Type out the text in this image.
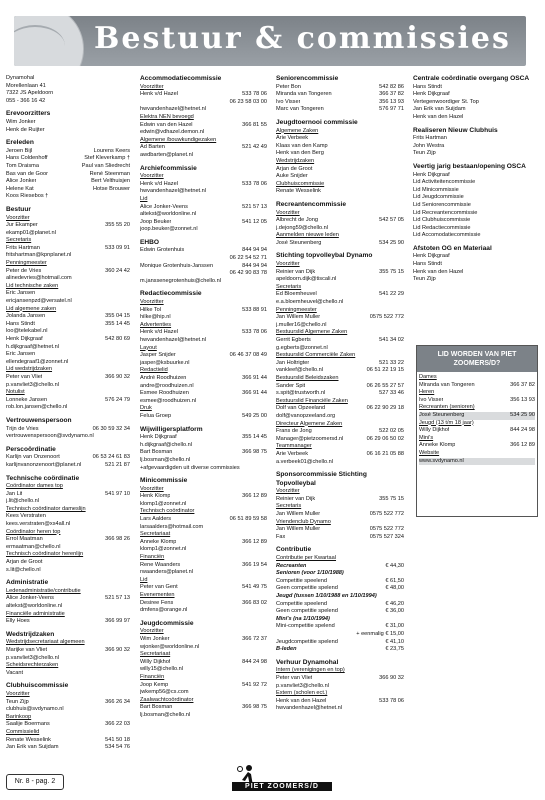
Bestuur & commissies
Dynamohal
Morellenlaan 41
7322 JS Apeldoorn
055 - 366 16 42
Erevoorzitters
Wim Jonker
Henk de Ruijter
Ereleden
Jeroen Bijl	Lourens Keers
Hans Coldenhoff	Stef Kleverkamp †
Tom Draisma	Paul van Sliedrecht
Bas van de Goor	René Steenman
Alice Jonker	Bert Velthuisjen
Helene Kat	Hotse Brouwer
Koos Riesebos †
Bestuur
Voorzitter
Jur Ekamper	355 55 20
ekamp01@planet.nl
Secretaris
Frits Hartman	533 09 91
fritshartman@kpnplanet.nl
Penningmeester
Peter de Vries	360 24 42
alinedevries@hotmail.com
Lid technische zaken
Eric Jansen
ericjansenpzd@versatel.nl
Lid algemene zaken
Jolanda Jansen	355 04 15
Hans Stindt	355 14 45
loo@telekabel.nl
Henk Dijkgraaf	542 80 69
h.dijkgraaf@hetnet.nl
Eric Jansen
ellendegraaf1@zonnet.nl
Lid wedstrijdzaken
Peter van Vliet	366 90 32
p.vanvliet3@chello.nl
Notulist
Lonneke Jansen	576 24 79
rob.lon.jansen@chello.nl
Vertrouwenspersoon
Trijn de Vries	06 30 59 32 34
vertrouwenspersoon@svdynamo.nl
Perscoördinatie
Karlijn van Onzenoort	06 53 24 61 83
karlijnvanonzenoort@planet.nl	521 21 87
Technische coördinatie
Coördinator dames top
Jan Lit	541 97 10
j.lit@chello.nl
Technisch coördinator dameslijn
Kees Verstraten
kees.verstraten@xs4all.nl
Coördinator heren top
Errol Maatman	366 98 26
ermaatman@chello.nl
Technisch coördinator herenlijn
Arjan de Groot
s.lit@chello.nl
Administratie
Ledenadministratie/contributie
Alice Jonker-Veens	521 57 13
altekst@worldonline.nl
Financiële administratie
Elly Hoes	366 99 97
Wedstrijdzaken
Wedstrijdsecretariaat algemeen
Marijke van Vliet	366 90 32
p.vanvliet3@chello.nl
Scheidsrechterzaken
Vacant
Clubhuiscommissie
Voorzitter
Teun Zijp	366 26 34
clubhuis@svdynamo.nl
Barinkoop
Saalije Boermans	366 22 03
Commissielid
Renate Wesselink	541 50 18
Jan Erik van Suijdam	534 54 76
Accommodatiecommissie
Voorzitter
Henk v/d Hazel	533 78 06
06 23 58 03 00
hwvandenhazel@hetnet.nl
Elektra NEN bevoegd
Edwin van den Hazel	366 81 55
edwin@vdhazel.demon.nl
Algemene /bouwkundigezaken
Ad Barten	521 42 49
awdbarten@planet.nl
Archiefcommissie
Voorzitter
Henk v/d Hazel	533 78 06
hwvandenhazel@hetnet.nl
Lid
Alice Jonker-Veens	521 57 13
altekst@worldonline.nl
Joop Beuker	541 12 05
joop.beuker@zonnet.nl
EHBO
Edwin Grotenhuis	844 94 94
06 22 54 52 71
Monique Grotenhuis-Janssen	844 94 94
06 42 90 83 78
m.janssenegrotenhuis@chello.nl
Redactiecommissie
Voorzitter
Hilke Tol	533 88 91
hilke@hip.nl
Advertenties
Henk v/d Hazel	533 78 06
hwvandenhazel@hetnet.nl
Layout
Jasper Snijder	06 46 37 08 49
jasper@ksbuurke.nl
Redactielid
André Roodhuizen	366 91 44
andre@roodhuizen.nl
Esmee Roodhuizen	366 91 44
esmee@roodhuizen.nl
Druk
Felua Groep	549 25 00
Wijwilligersplatform
Henk Dijkgraaf	355 14 45
h.dijkgraaf@chello.nl
Bart Bosman	366 98 75
lj.bosman@chello.nl
+afgevaardigden uit diverse commissies
Minicommissie
Voorzitter
Henk Klomp	366 12 89
klomp1@zonnet.nl
Technisch coördinator
Lars Aalders	06 51 89 59 58
larsaalders@hotmail.com
Secretariaat
Anneke Klomp	366 12 89
klomp1@zonnet.nl
Financiën
Rene Waanders	366 19 54
rwaanders@planet.nl
Lid
Peter van Gent	541 49 75
Evenementen
Desiree Fens	366 83 02
dmfens@orange.nl
Jeugdcommissie
Voorzitter
Wim Jonker	366 72 37
wjonker@worldonline.nl
Secretariaat
Willy Dijkhof	844 24 98
willy15@chello.nl
Financiën
Joop Kemp	541 92 72
jwkemp56@cs.com
Zaalwachtcoördinator
Bart Bosman	366 98 75
lj.bosman@chello.nl
Seniorencommissie
Peter Bon	542 82 86
Miranda van Tongeren	366 37 82
Ivo Visser	356 13 93
Marc van Tongeren	576 97 71
Jeugdtoernooi commissie
Algemene Zaken
Arie Verbeek
Klaas van den Kamp
Henk van den Berg
Wedstrijdzaken
Arjan de Groot
Auke Snijder
Clubhuiscommissie
Renate Wesselink
Recreantencommissie
Voorzitter
Albrecht de Jong	542 57 05
j.dejong59@chello.nl
Aanmelden nieuwe leden
José Steunenberg	534 25 90
Stichting topvolleybal Dynamo
Voorzitter
Reinier van Dijk	355 75 15
apeldoorn.dijk@tiscali.nl
Secretaris
Ed Bloemheuvel	541 22 29
e.a.bloemheuvel@chello.nl
Penningmeester
Jan Willem Muller	0575 522 772
j.muller16@chello.nl
Bestuurslid Algemene Zaken
Gerrit Egberts	541 34 02
g.egberts@zonnet.nl
Bestuurslid Commerciële Zaken
Jan Holtrigter	521 33 22
vankleef@chello.nl	06 51 22 19 15
Bestuurslid Beleidszaken
Sander Spit	06 26 55 27 57
s.spit@trustworth.nl	527 33 46
Bestuurslid Financiële Zaken
Dolf van Opzeeland	06 22 90 29 18
dolf@vanopzeeland.org
Directeur Algemene Zaken
Frans de Jong	522 02 05
Manager@pietzoomersd.nl	06 29 06 50 02
Teammanager
Arie Verbeek	06 16 21 05 88
a.verbeek01@chello.nl
Sponsorcommissie Stichting Topvolleybal
Voorzitter
Reinier van Dijk	355 75 15
Secretaris
Jan Willem Muller	0575 522 772
Vriendenclub Dynamo
Jan Willem Muller	0575 522 772
Fax	0575 527 324
Contributie
Contributie per Kwartaal
Recreanten	€ 44,30
Senioren (voor 1/10/1988)
Competitie speelend	€ 61,50
Geen competitie spelend	€ 48,00
Jeugd (tussen 1/10/1988 en 1/10/1994)
Competitie speelend	€ 46,20
Geen competitie spelend	€ 36,00
Mini's (na 1/10/1994)
Mini-competitie spelend	€ 31,00
+ eenmalig € 15,00
Jeugdcompetitie spelend	€ 41,10
B-leden	€ 23,75
Verhuur Dynamohal
Intern (verenigingen en top)
Peter van Vliet	366 90 32
p.vanvliet3@chello.nl
Extern (scholen ect.)
Henk van den Hazel	533 78 06
hwvandenhazel@hetnet.nl
Centrale coördinatie overgang OSCA
Hans Stindt
Henk Dijkgraaf
Vertegenwoordiger St. Top
Jan Erik van Suijdam
Henk van den Hazel
Realiseren Nieuw Clubhuis
Frits Hartman
John Westra
Teun Zijp
Veertig jarig bestaan/opening OSCA
Henk Dijkgraaf
Lid Activiteitencommissie
Lid Minicommissie
Lid Jeugdcommissie
Lid Seniorencommissie
Lid Recreantencommissie
Lid Clubhuiscommissie
Lid Redactiecommissie
Lid Accomodatiecommissie
Afstoten OG en Materiaal
Henk Dijkgraaf
Hans Stindt
Henk van den Hazel
Teun Zijp
LID WORDEN VAN PIET ZOOMERS/D?
Dames
Miranda van Tongeren	366 37 82
Heren
Ivo Visser	356 13 93
Recreanten (senioren)
José Steunenberg	534 25 90
Jeugd (13 t/m 18 jaar)
Willy Dijkhof	844 24 98
Mini's
Anneke Klomp	366 12 89
Website
www.svdynamo.nl
Nr. 8 - pag. 2
PIET ZOOMERS/D
